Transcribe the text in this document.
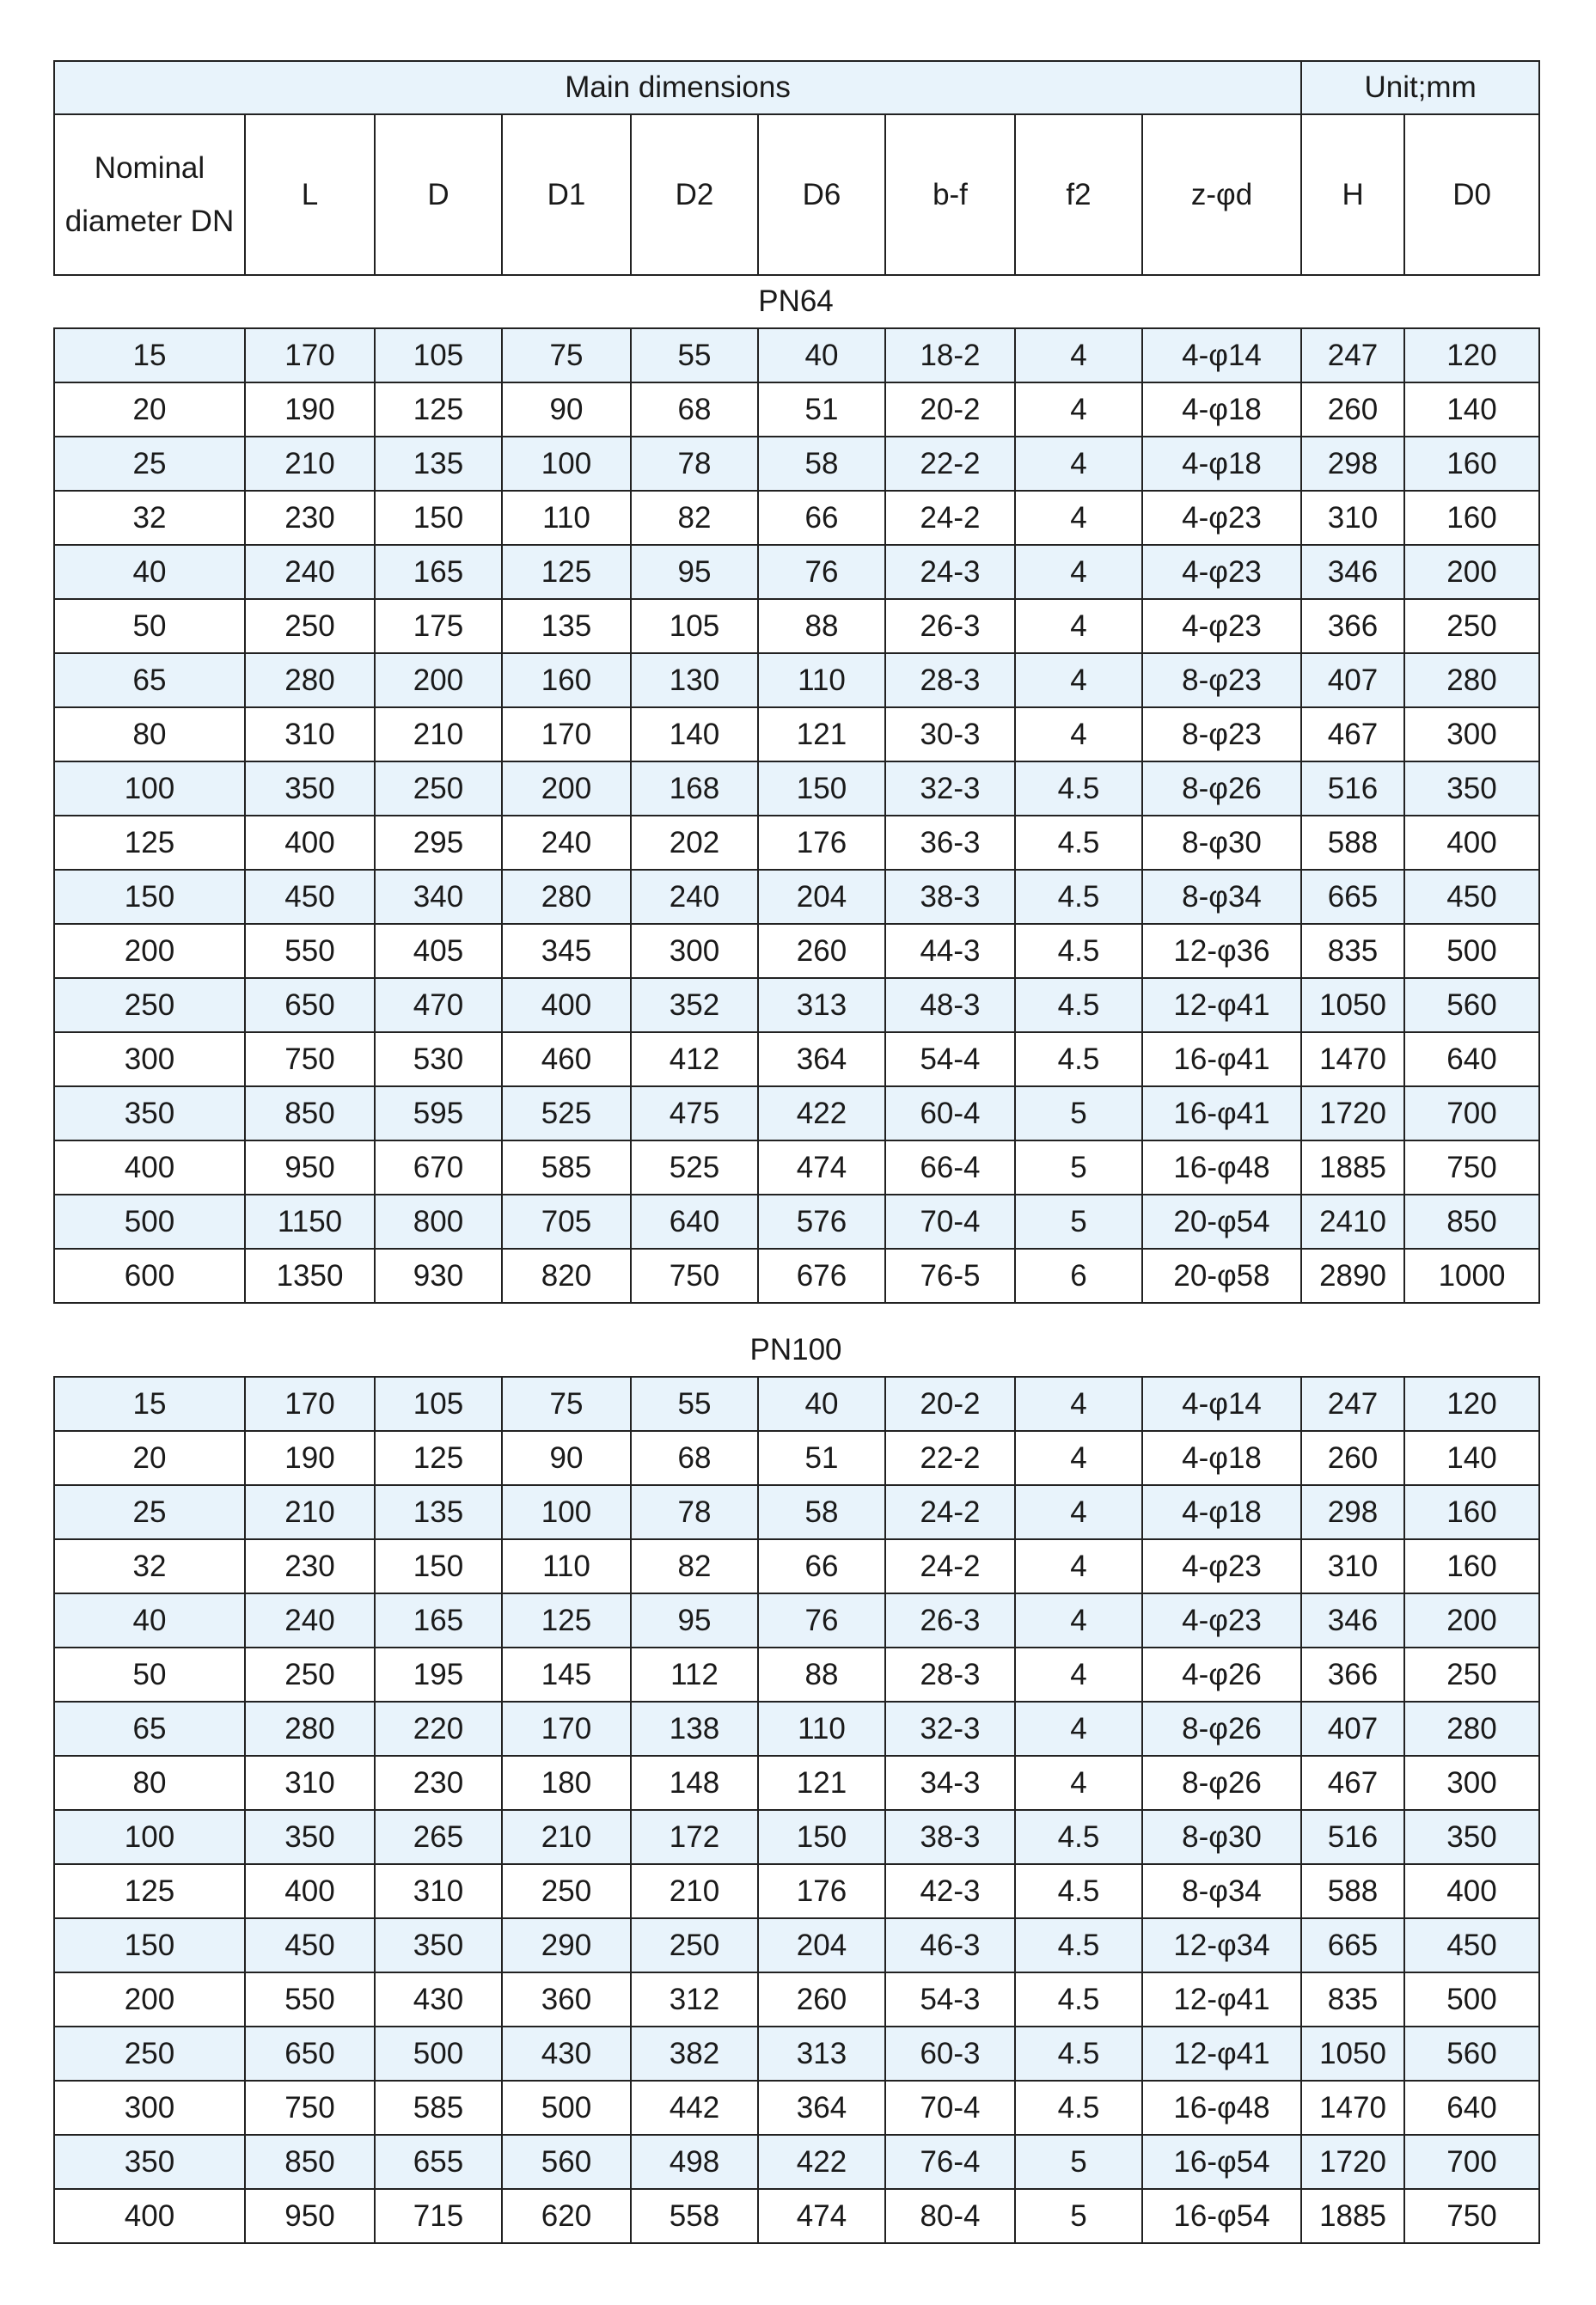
Main dimensions									Unit;mm	
Nominal diameter DN	L	D	D1	D2	D6	b-f	f2	z-φd	H	D0
PN64
15	170	105	75	55	40	18-2	4	4-φ14	247	120
20	190	125	90	68	51	20-2	4	4-φ18	260	140
25	210	135	100	78	58	22-2	4	4-φ18	298	160
32	230	150	110	82	66	24-2	4	4-φ23	310	160
40	240	165	125	95	76	24-3	4	4-φ23	346	200
50	250	175	135	105	88	26-3	4	4-φ23	366	250
65	280	200	160	130	110	28-3	4	8-φ23	407	280
80	310	210	170	140	121	30-3	4	8-φ23	467	300
100	350	250	200	168	150	32-3	4.5	8-φ26	516	350
125	400	295	240	202	176	36-3	4.5	8-φ30	588	400
150	450	340	280	240	204	38-3	4.5	8-φ34	665	450
200	550	405	345	300	260	44-3	4.5	12-φ36	835	500
250	650	470	400	352	313	48-3	4.5	12-φ41	1050	560
300	750	530	460	412	364	54-4	4.5	16-φ41	1470	640
350	850	595	525	475	422	60-4	5	16-φ41	1720	700
400	950	670	585	525	474	66-4	5	16-φ48	1885	750
500	1150	800	705	640	576	70-4	5	20-φ54	2410	850
600	1350	930	820	750	676	76-5	6	20-φ58	2890	1000
PN100
15	170	105	75	55	40	20-2	4	4-φ14	247	120
20	190	125	90	68	51	22-2	4	4-φ18	260	140
25	210	135	100	78	58	24-2	4	4-φ18	298	160
32	230	150	110	82	66	24-2	4	4-φ23	310	160
40	240	165	125	95	76	26-3	4	4-φ23	346	200
50	250	195	145	112	88	28-3	4	4-φ26	366	250
65	280	220	170	138	110	32-3	4	8-φ26	407	280
80	310	230	180	148	121	34-3	4	8-φ26	467	300
100	350	265	210	172	150	38-3	4.5	8-φ30	516	350
125	400	310	250	210	176	42-3	4.5	8-φ34	588	400
150	450	350	290	250	204	46-3	4.5	12-φ34	665	450
200	550	430	360	312	260	54-3	4.5	12-φ41	835	500
250	650	500	430	382	313	60-3	4.5	12-φ41	1050	560
300	750	585	500	442	364	70-4	4.5	16-φ48	1470	640
350	850	655	560	498	422	76-4	5	16-φ54	1720	700
400	950	715	620	558	474	80-4	5	16-φ54	1885	750
